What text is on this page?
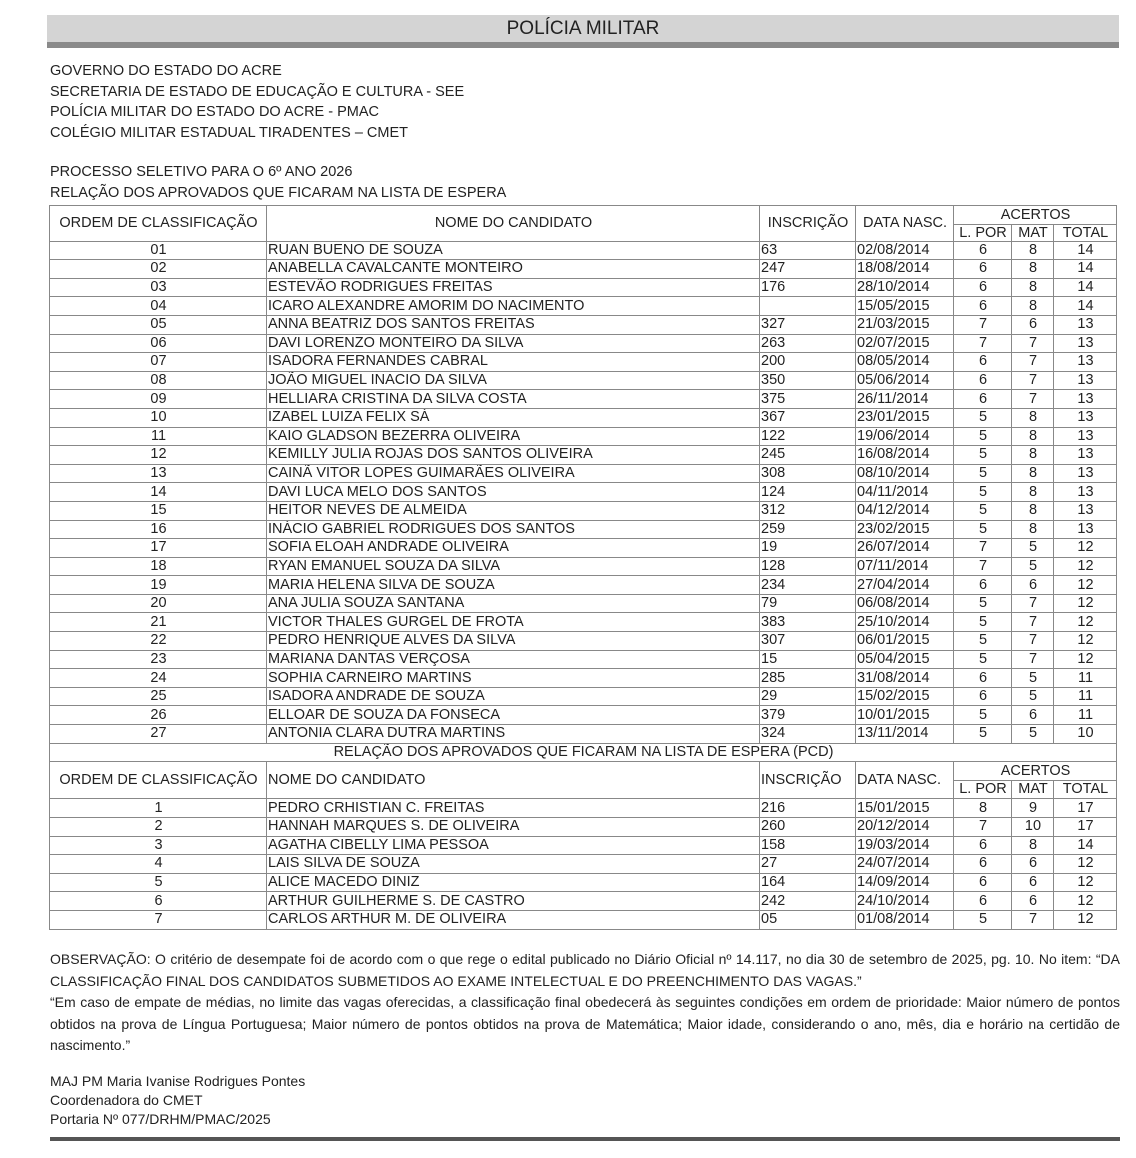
POLÍCIA MILITAR
GOVERNO DO ESTADO DO ACRE
SECRETARIA DE ESTADO DE EDUCAÇÃO E CULTURA - SEE
POLÍCIA MILITAR DO ESTADO DO ACRE - PMAC
COLÉGIO MILITAR ESTADUAL TIRADENTES – CMET
PROCESSO SELETIVO PARA O 6º ANO 2026
RELAÇÃO DOS APROVADOS QUE FICARAM NA LISTA DE ESPERA
ORDEM DE CLASSIFICAÇÃO	NOME DO CANDIDATO	INSCRIÇÃO	DATA NASC.	ACERTOS		
				L. POR	MAT	TOTAL
01	RUAN BUENO DE SOUZA	63	02/08/2014	6	8	14
02	ANABELLA CAVALCANTE MONTEIRO	247	18/08/2014	6	8	14
03	ESTEVÃO RODRIGUES FREITAS	176	28/10/2014	6	8	14
04	ICARO ALEXANDRE AMORIM DO NACIMENTO		15/05/2015	6	8	14
05	ANNA BEATRIZ DOS SANTOS FREITAS	327	21/03/2015	7	6	13
06	DAVI LORENZO MONTEIRO DA SILVA	263	02/07/2015	7	7	13
07	ISADORA FERNANDES CABRAL	200	08/05/2014	6	7	13
08	JOÃO MIGUEL INACIO DA SILVA	350	05/06/2014	6	7	13
09	HELLIARA CRISTINA DA SILVA COSTA	375	26/11/2014	6	7	13
10	IZABEL LUIZA FELIX SÁ	367	23/01/2015	5	8	13
11	KAIO GLADSON BEZERRA OLIVEIRA	122	19/06/2014	5	8	13
12	KEMILLY JULIA ROJAS DOS SANTOS OLIVEIRA	245	16/08/2014	5	8	13
13	CAINÃ VITOR LOPES GUIMARÃES OLIVEIRA	308	08/10/2014	5	8	13
14	DAVI LUCA MELO DOS SANTOS	124	04/11/2014	5	8	13
15	HEITOR NEVES DE ALMEIDA	312	04/12/2014	5	8	13
16	INÁCIO GABRIEL RODRIGUES DOS SANTOS	259	23/02/2015	5	8	13
17	SOFIA ELOAH ANDRADE OLIVEIRA	19	26/07/2014	7	5	12
18	RYAN EMANUEL SOUZA DA SILVA	128	07/11/2014	7	5	12
19	MARIA HELENA SILVA DE SOUZA	234	27/04/2014	6	6	12
20	ANA JULIA SOUZA SANTANA	79	06/08/2014	5	7	12
21	VICTOR THALES GURGEL DE FROTA	383	25/10/2014	5	7	12
22	PEDRO HENRIQUE ALVES DA SILVA	307	06/01/2015	5	7	12
23	MARIANA DANTAS VERÇOSA	15	05/04/2015	5	7	12
24	SOPHIA CARNEIRO MARTINS	285	31/08/2014	6	5	11
25	ISADORA ANDRADE DE SOUZA	29	15/02/2015	6	5	11
26	ELLOAR DE SOUZA DA FONSECA	379	10/01/2015	5	6	11
27	ANTONIA CLARA DUTRA MARTINS	324	13/11/2014	5	5	10
RELAÇÃO DOS APROVADOS QUE FICARAM NA LISTA DE ESPERA (PCD)						
ORDEM DE CLASSIFICAÇÃO	NOME DO CANDIDATO	INSCRIÇÃO	DATA NASC.	ACERTOS		
				L. POR	MAT	TOTAL
1	PEDRO CRHISTIAN C. FREITAS	216	15/01/2015	8	9	17
2	HANNAH MARQUES S. DE OLIVEIRA	260	20/12/2014	7	10	17
3	AGATHA CIBELLY LIMA PESSOA	158	19/03/2014	6	8	14
4	LAIS SILVA DE SOUZA	27	24/07/2014	6	6	12
5	ALICE MACEDO DINIZ	164	14/09/2014	6	6	12
6	ARTHUR GUILHERME S. DE CASTRO	242	24/10/2014	6	6	12
7	CARLOS ARTHUR M. DE OLIVEIRA	05	01/08/2014	5	7	12
OBSERVAÇÃO: O critério de desempate foi de acordo com o que rege o edital publicado no Diário Oficial nº 14.117, no dia 30 de setembro de 2025, pg. 10. No item: “DA CLASSIFICAÇÃO FINAL DOS CANDIDATOS SUBMETIDOS AO EXAME INTELECTUAL E DO PREENCHIMENTO DAS VAGAS.”
“Em caso de empate de médias, no limite das vagas oferecidas, a classificação final obedecerá às seguintes condições em ordem de prioridade: Maior número de pontos obtidos na prova de Língua Portuguesa; Maior número de pontos obtidos na prova de Matemática; Maior idade, considerando o ano, mês, dia e horário na certidão de nascimento.”
MAJ PM Maria Ivanise Rodrigues Pontes
Coordenadora do CMET
Portaria Nº 077/DRHM/PMAC/2025
